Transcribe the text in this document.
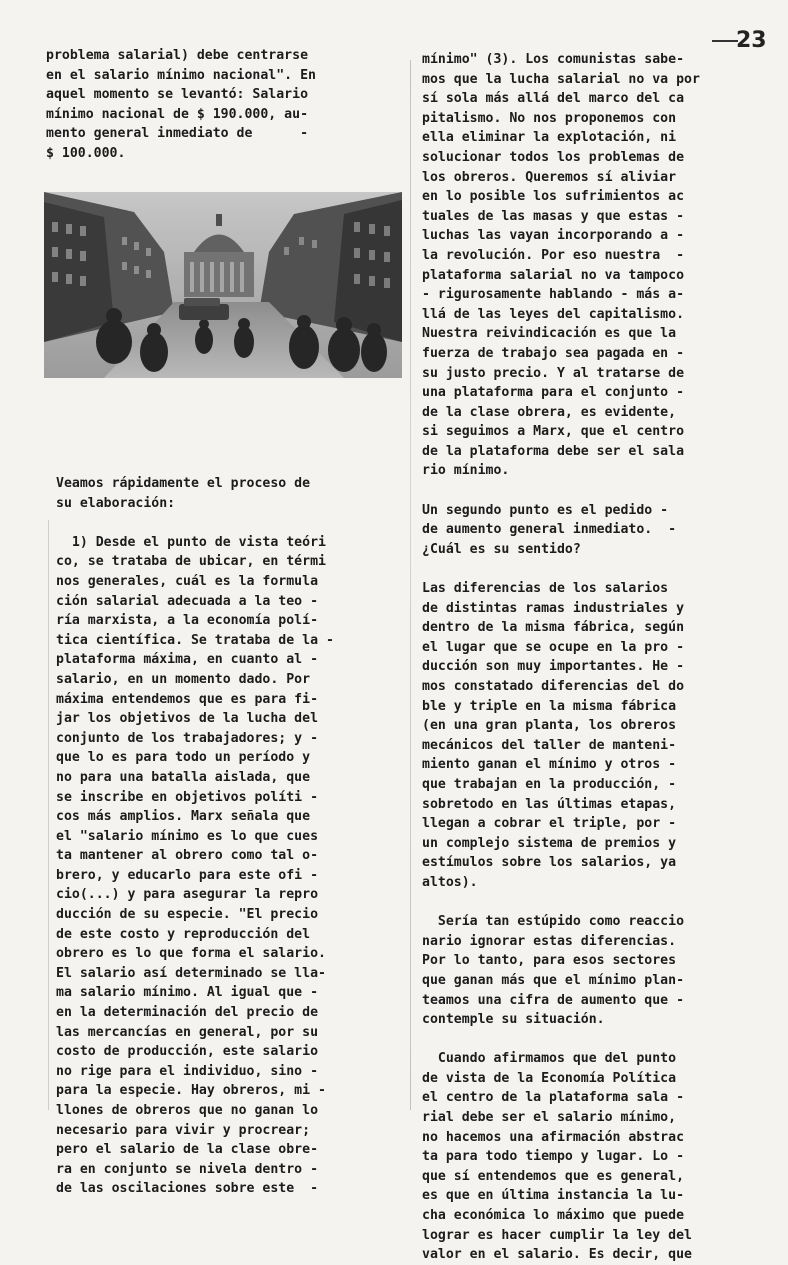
23

problema salarial) debe centrarse

en el salario mínimo nacional". En

aquel momento se levantó: Salario

mínimo nacional de $ 190.000, au-

mento general inmediato de      -

$ 100.000.

Veamos rápidamente el proceso de

su elaboración:

1) Desde el punto de vista teóri

co, se trataba de ubicar, en térmi

nos generales, cuál es la formula

ción salarial adecuada a la teo -

ría marxista, a la economía polí-

tica científica. Se trataba de la -

plataforma máxima, en cuanto al -

salario, en un momento dado. Por

máxima entendemos que es para fi-

jar los objetivos de la lucha del

conjunto de los trabajadores; y -

que lo es para todo un período y

no para una batalla aislada, que

se inscribe en objetivos políti -

cos más amplios. Marx señala que

el "salario mínimo es lo que cues

ta mantener al obrero como tal o-

brero, y educarlo para este ofi -

cio(...) y para asegurar la repro

ducción de su especie. "El precio

de este costo y reproducción del

obrero es lo que forma el salario.

El salario así determinado se lla-

ma salario mínimo. Al igual que -

en la determinación del precio de

las mercancías en general, por su

costo de producción, este salario

no rige para el individuo, sino -

para la especie. Hay obreros, mi -

llones de obreros que no ganan lo

necesario para vivir y procrear;

pero el salario de la clase obre-

ra en conjunto se nivela dentro -

de las oscilaciones sobre este  -

mínimo" (3). Los comunistas sabe-

mos que la lucha salarial no va por

sí sola más allá del marco del ca

pitalismo. No nos proponemos con

ella eliminar la explotación, ni

solucionar todos los problemas de

los obreros. Queremos sí aliviar

en lo posible los sufrimientos ac

tuales de las masas y que estas -

luchas las vayan incorporando a -

la revolución. Por eso nuestra  -

plataforma salarial no va tampoco

- rigurosamente hablando - más a-

llá de las leyes del capitalismo.

Nuestra reivindicación es que la

fuerza de trabajo sea pagada en -

su justo precio. Y al tratarse de

una plataforma para el conjunto -

de la clase obrera, es evidente,

si seguimos a Marx, que el centro

de la plataforma debe ser el sala

rio mínimo.

Un segundo punto es el pedido -

de aumento general inmediato.  -

¿Cuál es su sentido?

Las diferencias de los salarios

de distintas ramas industriales y

dentro de la misma fábrica, según

el lugar que se ocupe en la pro -

ducción son muy importantes. He -

mos constatado diferencias del do

ble y triple en la misma fábrica

(en una gran planta, los obreros

mecánicos del taller de manteni-

miento ganan el mínimo y otros -

que trabajan en la producción, -

sobretodo en las últimas etapas,

llegan a cobrar el triple, por -

un complejo sistema de premios y

estímulos sobre los salarios, ya

altos).

Sería tan estúpido como reaccio

nario ignorar estas diferencias.

Por lo tanto, para esos sectores

que ganan más que el mínimo plan-

teamos una cifra de aumento que -

contemple su situación.

Cuando afirmamos que del punto

de vista de la Economía Política

el centro de la plataforma sala -

rial debe ser el salario mínimo,

no hacemos una afirmación abstrac

ta para todo tiempo y lugar. Lo -

que sí entendemos que es general,

es que en última instancia la lu-

cha económica lo máximo que puede

lograr es hacer cumplir la ley del

valor en el salario. Es decir, que
